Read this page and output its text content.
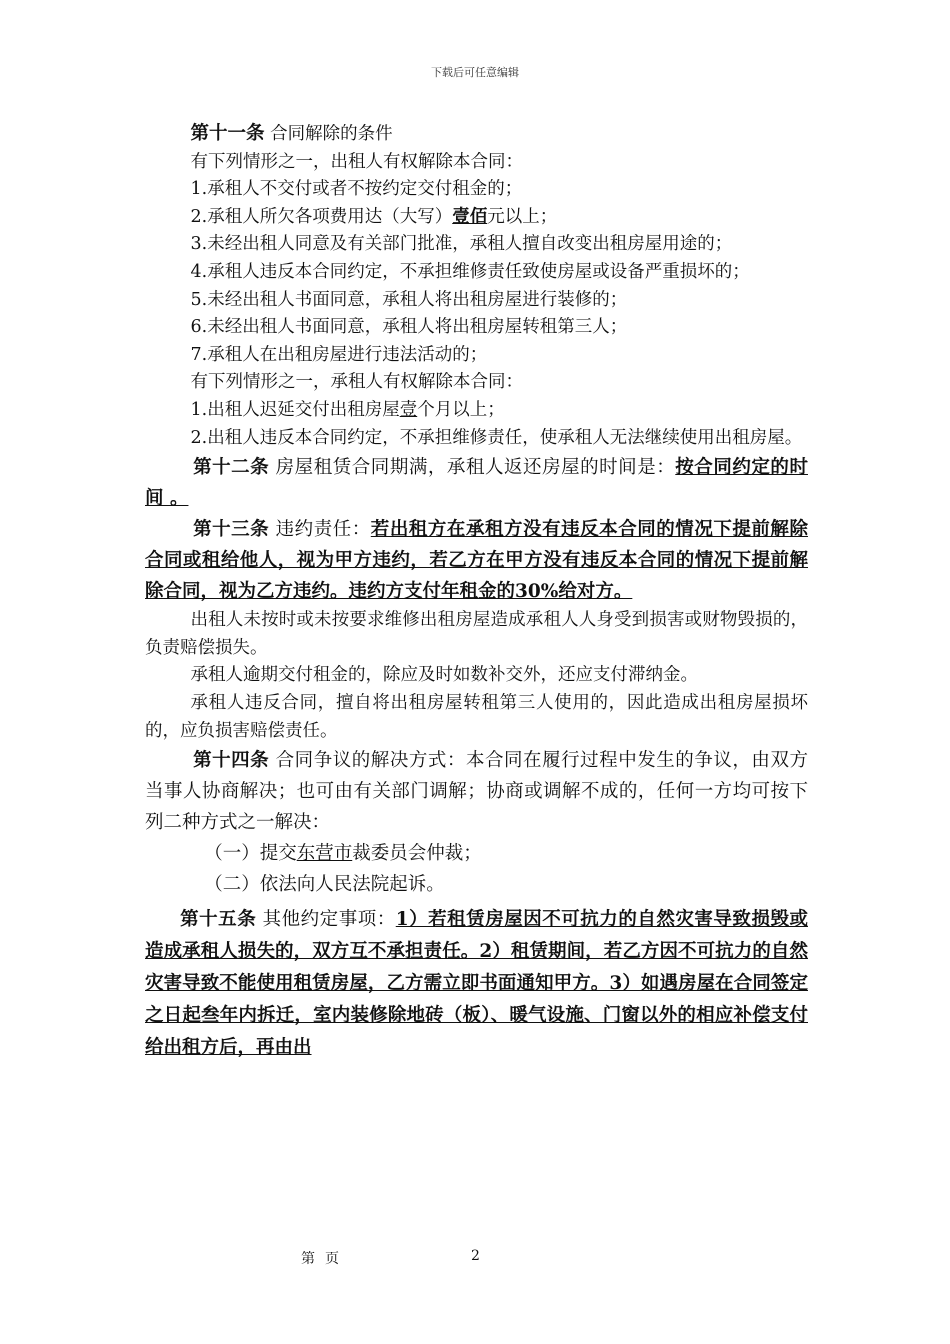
下载后可任意编辑

第十一条 合同解除的条件

有下列情形之一，出租人有权解除本合同：

1.承租人不交付或者不按约定交付租金的；

2.承租人所欠各项费用达（大写）壹佰元以上；

3.未经出租人同意及有关部门批准，承租人擅自改变出租房屋用途的；

4.承租人违反本合同约定，不承担维修责任致使房屋或设备严重损坏的；

5.未经出租人书面同意，承租人将出租房屋进行装修的；

6.未经出租人书面同意，承租人将出租房屋转租第三人；

7.承租人在出租房屋进行违法活动的；

有下列情形之一，承租人有权解除本合同：

1.出租人迟延交付出租房屋壹个月以上；

2.出租人违反本合同约定，不承担维修责任，使承租人无法继续使用出租房屋。

第十二条 房屋租赁合同期满，承租人返还房屋的时间是：按合同约定的时间 。

第十三条 违约责任：若出租方在承租方没有违反本合同的情况下提前解除合同或租给他人，视为甲方违约，若乙方在甲方没有违反本合同的情况下提前解除合同，视为乙方违约。违约方支付年租金的30%给对方。

出租人未按时或未按要求维修出租房屋造成承租人人身受到损害或财物毁损的，负责赔偿损失。

承租人逾期交付租金的，除应及时如数补交外，还应支付滞纳金。

承租人违反合同，擅自将出租房屋转租第三人使用的，因此造成出租房屋损坏的，应负损害赔偿责任。

第十四条 合同争议的解决方式：本合同在履行过程中发生的争议，由双方当事人协商解决；也可由有关部门调解；协商或调解不成的，任何一方均可按下列二种方式之一解决：

（一）提交东营市裁委员会仲裁；

（二）依法向人民法院起诉。

第十五条 其他约定事项：1）若租赁房屋因不可抗力的自然灾害导致损毁或造成承租人损失的，双方互不承担责任。2）租赁期间，若乙方因不可抗力的自然灾害导致不能使用租赁房屋，乙方需立即书面通知甲方。3）如遇房屋在合同签定之日起叁年内拆迁，室内装修除地砖（板）、暖气设施、门窗以外的相应补偿支付给出租方后，再由出

第 页	2
